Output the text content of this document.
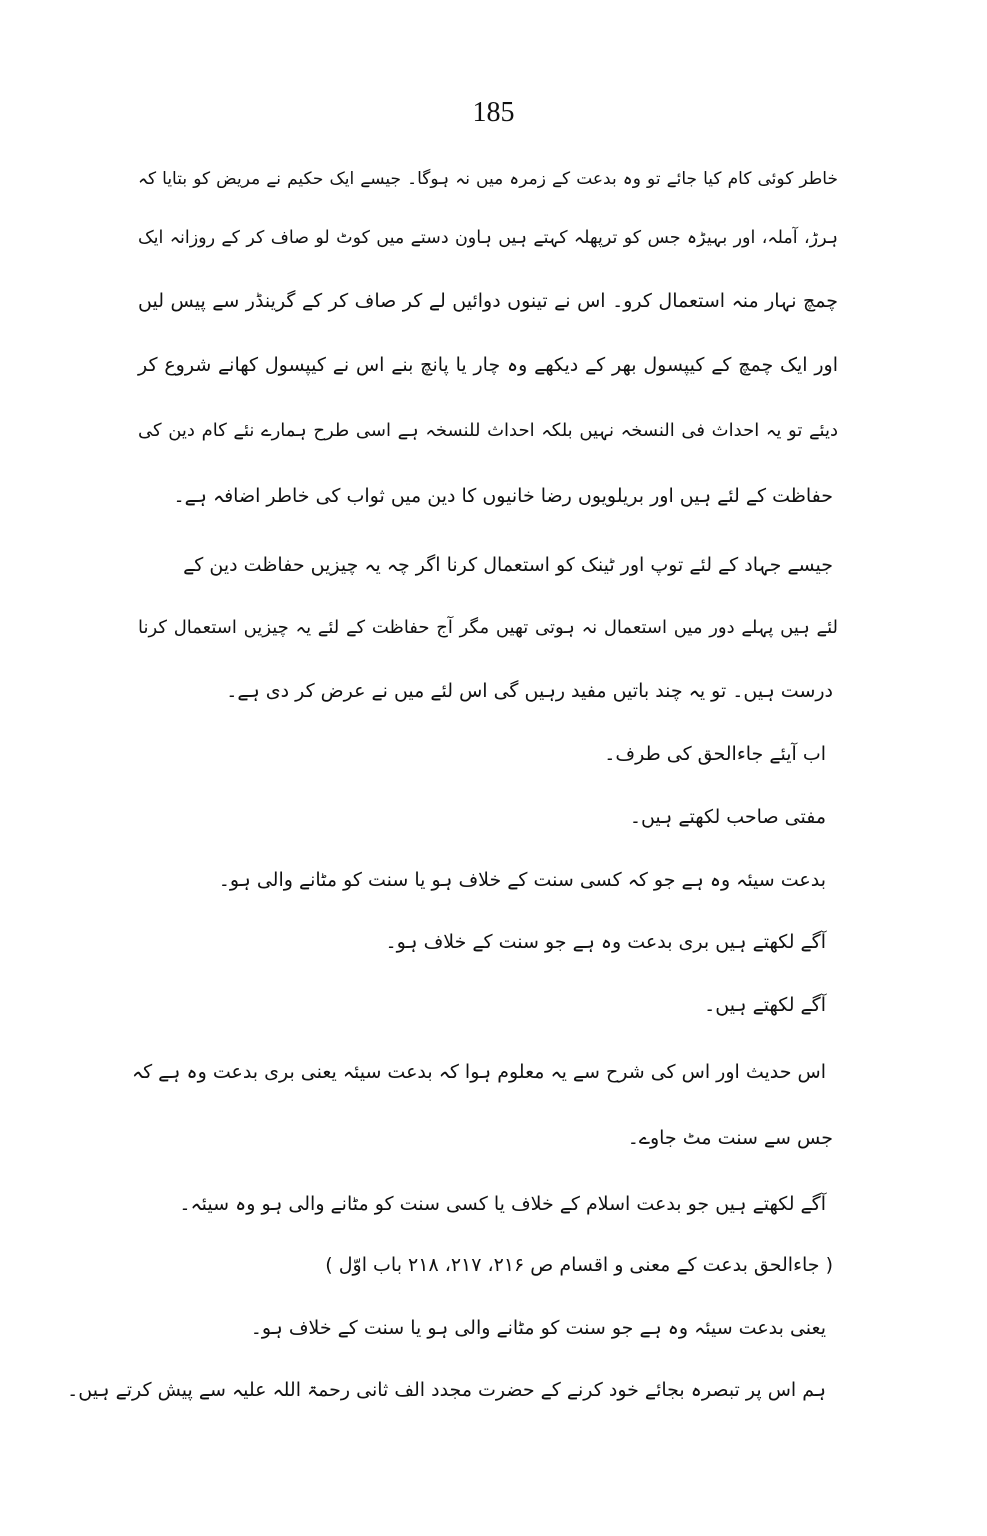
185
خاطر کوئی کام کیا جائے تو وہ بدعت کے زمرہ میں نہ ہوگا۔ جیسے ایک حکیم نے مریض کو بتایا کہ
ہرڑ، آملہ، اور بہیڑہ جس کو ترپھلہ کہتے ہیں ہاون دستے میں کوٹ لو صاف کر کے روزانہ ایک
چمچ نہار منہ استعمال کرو۔ اس نے تینوں دوائیں لے کر صاف کر کے گرینڈر سے پیس لیں
اور ایک چمچ کے کیپسول بھر کے دیکھے وہ چار یا پانچ بنے اس نے کیپسول کھانے شروع کر
دیئے تو یہ احداث فی النسخہ نہیں بلکہ احداث للنسخہ ہے اسی طرح ہمارے نئے کام دین کی
حفاظت کے لئے ہیں اور بریلویوں رضا خانیوں کا دین میں ثواب کی خاطر اضافہ ہے۔
جیسے جہاد کے لئے توپ اور ٹینک کو استعمال کرنا اگر چہ یہ چیزیں حفاظت دین کے
لئے ہیں پہلے دور میں استعمال نہ ہوتی تھیں مگر آج حفاظت کے لئے یہ چیزیں استعمال کرنا
درست ہیں۔ تو یہ چند باتیں مفید رہیں گی اس لئے میں نے عرض کر دی ہے۔
اب آیئے جاءالحق کی طرف۔
مفتی صاحب لکھتے ہیں۔
بدعت سیئہ وہ ہے جو کہ کسی سنت کے خلاف ہو یا سنت کو مٹانے والی ہو۔
آگے لکھتے ہیں بری بدعت وہ ہے جو سنت کے خلاف ہو۔
آگے لکھتے ہیں۔
اس حدیث اور اس کی شرح سے یہ معلوم ہوا کہ بدعت سیئہ یعنی بری بدعت وہ ہے کہ
جس سے سنت مٹ جاوے۔
آگے لکھتے ہیں جو بدعت اسلام کے خلاف یا کسی سنت کو مٹانے والی ہو وہ سیئہ۔
( جاءالحق بدعت کے معنی و اقسام ص ۲۱۶، ۲۱۷، ۲۱۸ باب اوّل )
یعنی بدعت سیئہ وہ ہے جو سنت کو مٹانے والی ہو یا سنت کے خلاف ہو۔
ہم اس پر تبصرہ بجائے خود کرنے کے حضرت مجدد الف ثانی رحمۃ اللہ علیہ سے پیش کرتے ہیں۔
